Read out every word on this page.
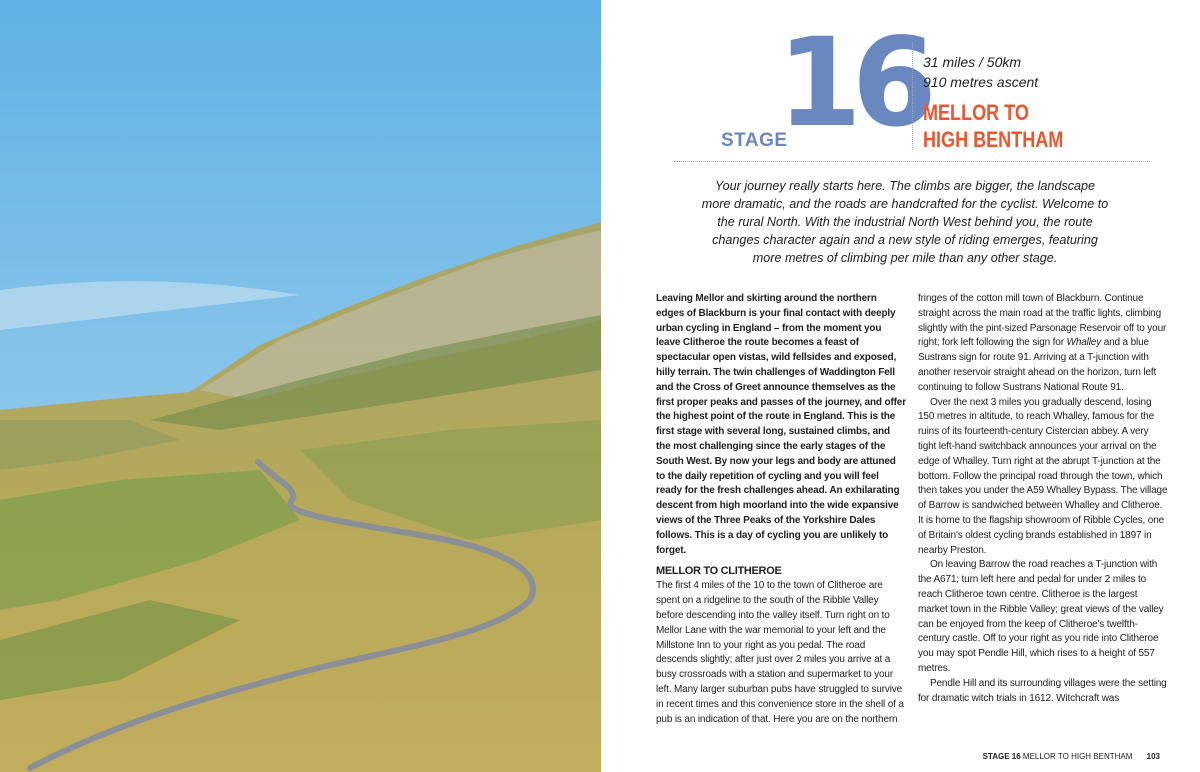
STAGE
16
31 miles / 50km
910 metres ascent
MELLOR TO
HIGH BENTHAM
Your journey really starts here. The climbs are bigger, the landscape more dramatic, and the roads are handcrafted for the cyclist. Welcome to the rural North. With the industrial North West behind you, the route changes character again and a new style of riding emerges, featuring more metres of climbing per mile than any other stage.

Leaving Mellor and skirting around the northern edges of Blackburn is your final contact with deeply urban cycling in England – from the moment you leave Clitheroe the route becomes a feast of spectacular open vistas, wild fellsides and exposed, hilly terrain. The twin challenges of Waddington Fell and the Cross of Greet announce themselves as the first proper peaks and passes of the journey, and offer the highest point of the route in England. This is the first stage with several long, sustained climbs, and the most challenging since the early stages of the South West. By now your legs and body are attuned to the daily repetition of cycling and you will feel ready for the fresh challenges ahead. An exhilarating descent from high moorland into the wide expansive views of the Three Peaks of the Yorkshire Dales follows. This is a day of cycling you are unlikely to forget.

MELLOR TO CLITHEROE

The first 4 miles of the 10 to the town of Clitheroe are spent on a ridgeline to the south of the Ribble Valley before descending into the valley itself. Turn right on to Mellor Lane with the war memorial to your left and the Millstone Inn to your right as you pedal. The road descends slightly; after just over 2 miles you arrive at a busy crossroads with a station and supermarket to your left. Many larger suburban pubs have struggled to survive in recent times and this convenience store in the shell of a pub is an indication of that. Here you are on the northern fringes of the cotton mill town of Blackburn. Continue straight across the main road at the traffic lights, climbing slightly with the pint-sized Parsonage Reservoir off to your right; fork left following the sign for Whalley and a blue Sustrans sign for route 91. Arriving at a T-junction with another reservoir straight ahead on the horizon, turn left continuing to follow Sustrans National Route 91.

Over the next 3 miles you gradually descend, losing 150 metres in altitude, to reach Whalley, famous for the ruins of its fourteenth-century Cistercian abbey. A very tight left-hand switchback announces your arrival on the edge of Whalley. Turn right at the abrupt T-junction at the bottom. Follow the principal road through the town, which then takes you under the A59 Whalley Bypass. The village of Barrow is sandwiched between Whalley and Clitheroe. It is home to the flagship showroom of Ribble Cycles, one of Britain's oldest cycling brands established in 1897 in nearby Preston.

On leaving Barrow the road reaches a T-junction with the A671; turn left here and pedal for under 2 miles to reach Clitheroe town centre. Clitheroe is the largest market town in the Ribble Valley; great views of the valley can be enjoyed from the keep of Clitheroe's twelfth-century castle. Off to your right as you ride into Clitheroe you may spot Pendle Hill, which rises to a height of 557 metres.

Pendle Hill and its surrounding villages were the setting for dramatic witch trials in 1612. Witchcraft was

STAGE 16 MELLOR TO HIGH BENTHAM 103
